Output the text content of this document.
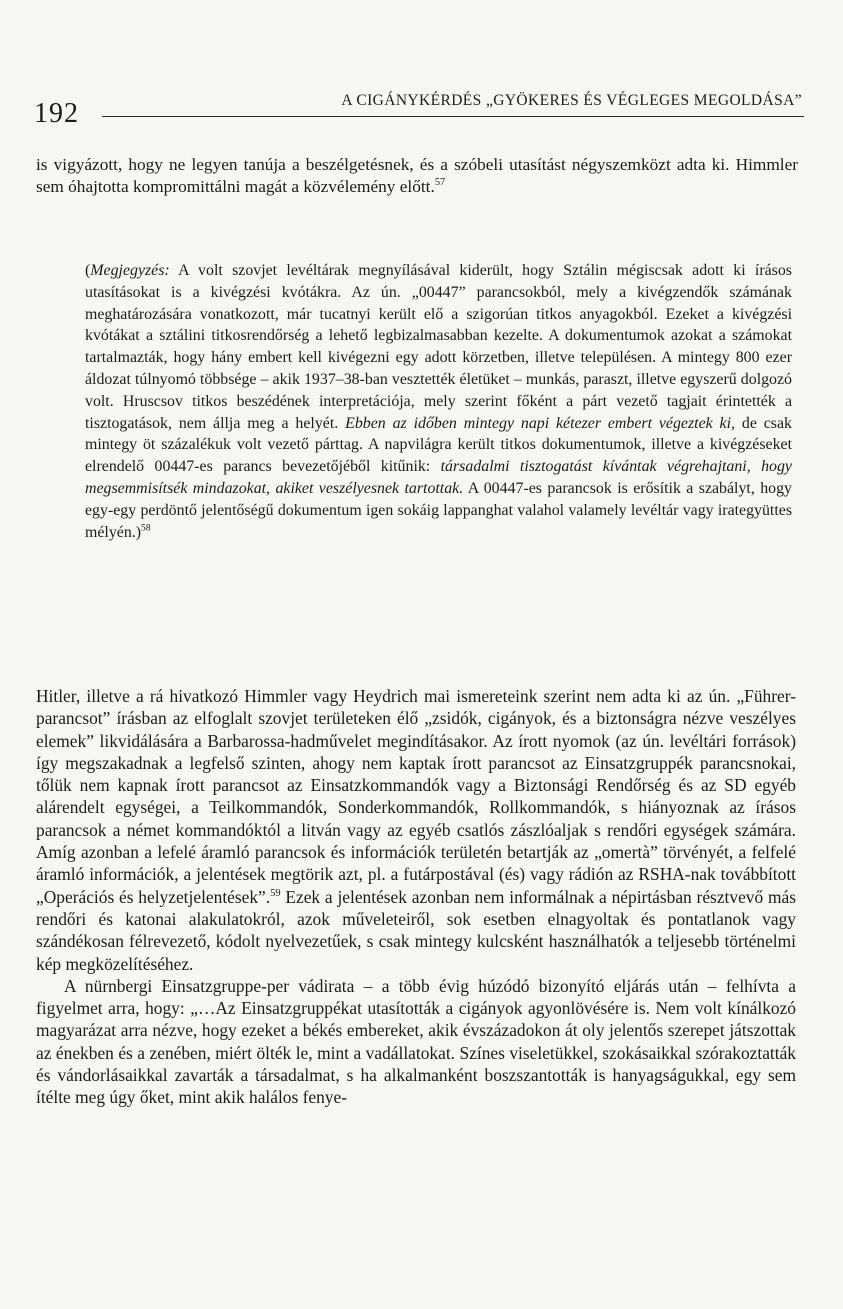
192	A CIGÁNYKÉRDÉS „GYÖKERES ÉS VÉGLEGES MEGOLDÁSA”
is vigyázott, hogy ne legyen tanúja a beszélgetésnek, és a szóbeli utasítást négyszemközt adta ki. Himmler sem óhajtotta kompromittálni magát a közvélemény előtt.$^{57}$
(Megjegyzés: A volt szovjet levéltárak megnyílásával kiderült, hogy Sztálin mégiscsak adott ki írásos utasításokat is a kivégzési kvótákra. Az ún. „00447” parancsokból, mely a kivégzendők számának meghatározására vonatkozott, már tucatnyi került elő a szigorúan titkos anyagokból. Ezeket a kivégzési kvótákat a sztálini titkosrendőrség a lehető legbizalmasabban kezelte. A dokumentumok azokat a számokat tartalmazták, hogy hány embert kell kivégezni egy adott körzetben, illetve településen. A mintegy 800 ezer áldozat túlnyomó többsége – akik 1937–38-ban vesztették életüket – munkás, paraszt, illetve egyszerű dolgozó volt. Hruscsov titkos beszédének interpretációja, mely szerint főként a párt vezető tagjait érintették a tisztogatások, nem állja meg a helyét. Ebben az időben mintegy napi kétezer embert végeztek ki, de csak mintegy öt százalékuk volt vezető párttag. A napvilágra került titkos dokumentumok, illetve a kivégzéseket elrendelő 00447-es parancs bevezetőjéből kitűnik: társadalmi tisztogatást kívántak végrehajtani, hogy megsemmisítsék mindazokat, akiket veszélyesnek tartottak. A 00447-es parancsok is erősítik a szabályt, hogy egy-egy perdöntő jelentőségű dokumentum igen sokáig lappanghat valahol valamely levéltár vagy irategyüttes mélyén.)$^{58}$

Hitler, illetve a rá hivatkozó Himmler vagy Heydrich mai ismereteink szerint nem adta ki az ún. „Führer-parancsot” írásban az elfoglalt szovjet területeken élő „zsidók, cigányok, és a biztonságra nézve veszélyes elemek” likvidálására a Barbarossa-hadművelet megindításakor. Az írott nyomok (az ún. levéltári források) így megszakadnak a legfelső szinten, ahogy nem kaptak írott parancsot az Einsatzgruppék parancsnokai, tőlük nem kapnak írott parancsot az Einsatzkommandók vagy a Biztonsági Rendőrség és az SD egyéb alárendelt egységei, a Teilkommandók, Sonderkommandók, Rollkommandók, s hiányoznak az írásos parancsok a német kommandóktól a litván vagy az egyéb csatlós zászlóaljak s rendőri egységek számára. Amíg azonban a lefelé áramló parancsok és információk területén betartják az „omertà” törvényét, a felfelé áramló információk, a jelentések megtörik azt, pl. a futárpostával (és) vagy rádión az RSHA-nak továbbított „Operációs és helyzetjelentésekˮ.$^{59}$ Ezek a jelentések azonban nem informálnak a népirtásban résztvevő más rendőri és katonai alakulatokról, azok műveleteiről, sok esetben elnagyoltak és pontatlanok vagy szándékosan félrevezető, kódolt nyelvezetűek, s csak mintegy kulcsként használhatók a teljesebb történelmi kép megközelítéséhez.

A nürnbergi Einsatzgruppe-per vádirata – a több évig húzódó bizonyító eljárás után – felhívta a figyelmet arra, hogy: „…Az Einsatzgruppékat utasították a cigányok agyonlövésére is. Nem volt kínálkozó magyarázat arra nézve, hogy ezeket a békés embereket, akik évszázadokon át oly jelentős szerepet játszottak az énekben és a zenében, miért ölték le, mint a vadállatokat. Színes viseletükkel, szokásaikkal szórakoztatták és vándorlásaikkal zavarták a társadalmat, s ha alkalmanként boszszantották is hanyagságukkal, egy sem ítélte meg úgy őket, mint akik halálos fenye-
